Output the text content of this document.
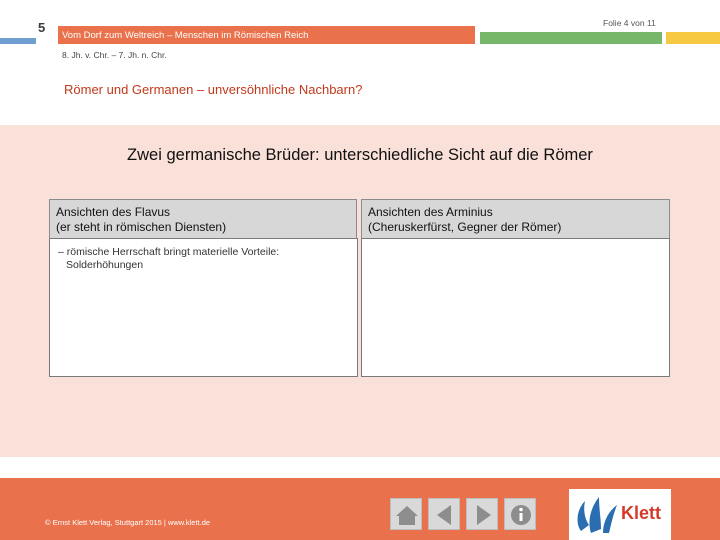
5
Vom Dorf zum Weltreich – Menschen im Römischen Reich
Folie 4 von 11
8. Jh. v. Chr. – 7. Jh. n. Chr.
Römer und Germanen – unversöhnliche Nachbarn?
Zwei germanische Brüder: unterschiedliche Sicht auf die Römer
Ansichten des Flavus
(er steht in römischen Diensten)
Ansichten des Arminius
(Cheruskerfürst, Gegner der Römer)
– römische Herrschaft bringt materielle Vorteile:
Solderhöhungen
© Ernst Klett Verlag, Stuttgart 2015 | www.klett.de	Klett
